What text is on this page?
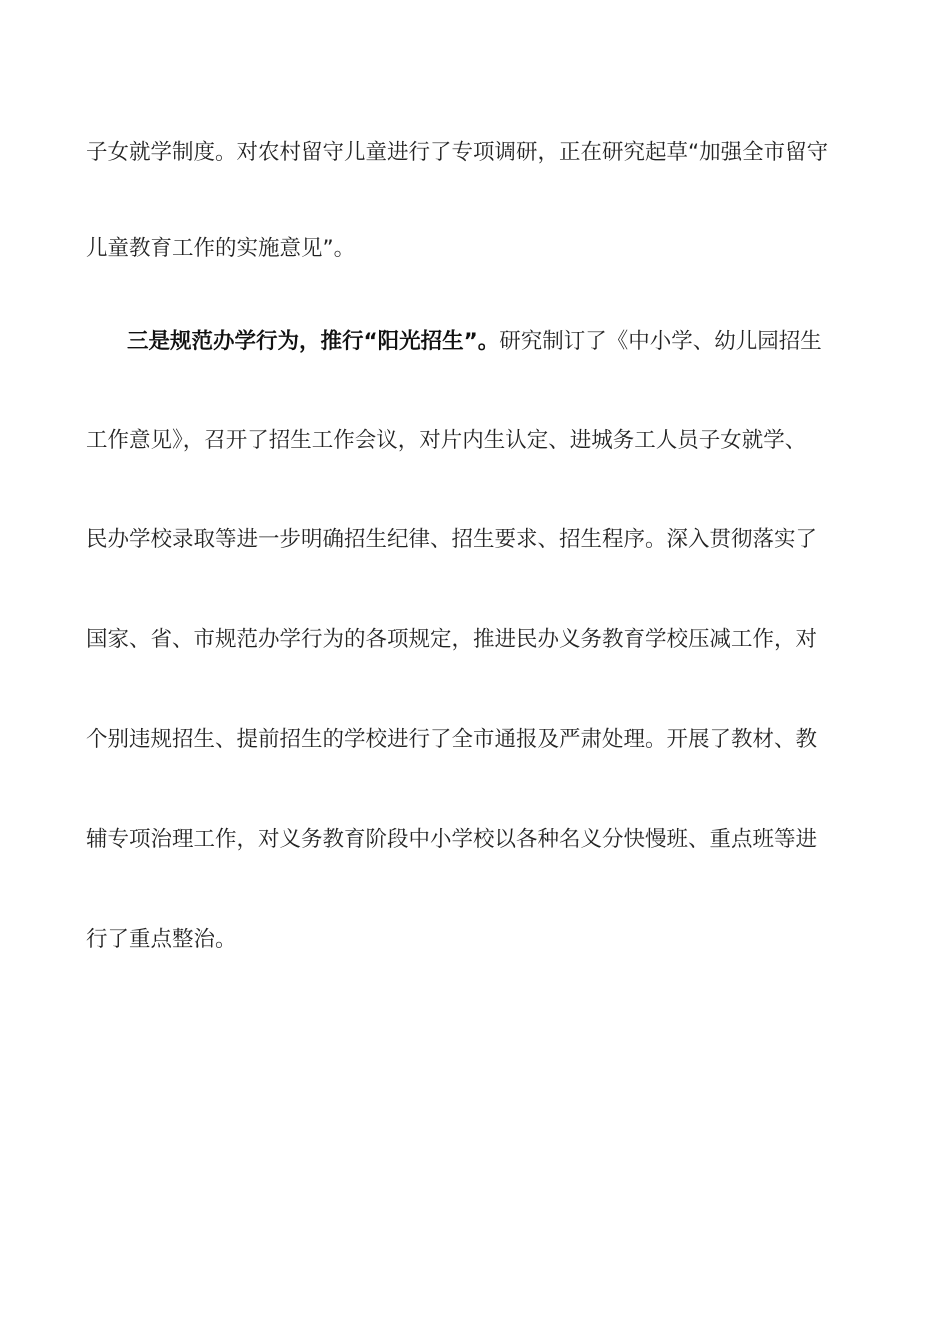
子女就学制度。对农村留守儿童进行了专项调研，正在研究起草“加强全市留守
儿童教育工作的实施意见”。
三是规范办学行为，推行“阳光招生”。研究制订了《中小学、幼儿园招生
工作意见》，召开了招生工作会议，对片内生认定、进城务工人员子女就学、
民办学校录取等进一步明确招生纪律、招生要求、招生程序。深入贯彻落实了
国家、省、市规范办学行为的各项规定，推进民办义务教育学校压减工作，对
个别违规招生、提前招生的学校进行了全市通报及严肃处理。开展了教材、教
辅专项治理工作，对义务教育阶段中小学校以各种名义分快慢班、重点班等进
行了重点整治。
